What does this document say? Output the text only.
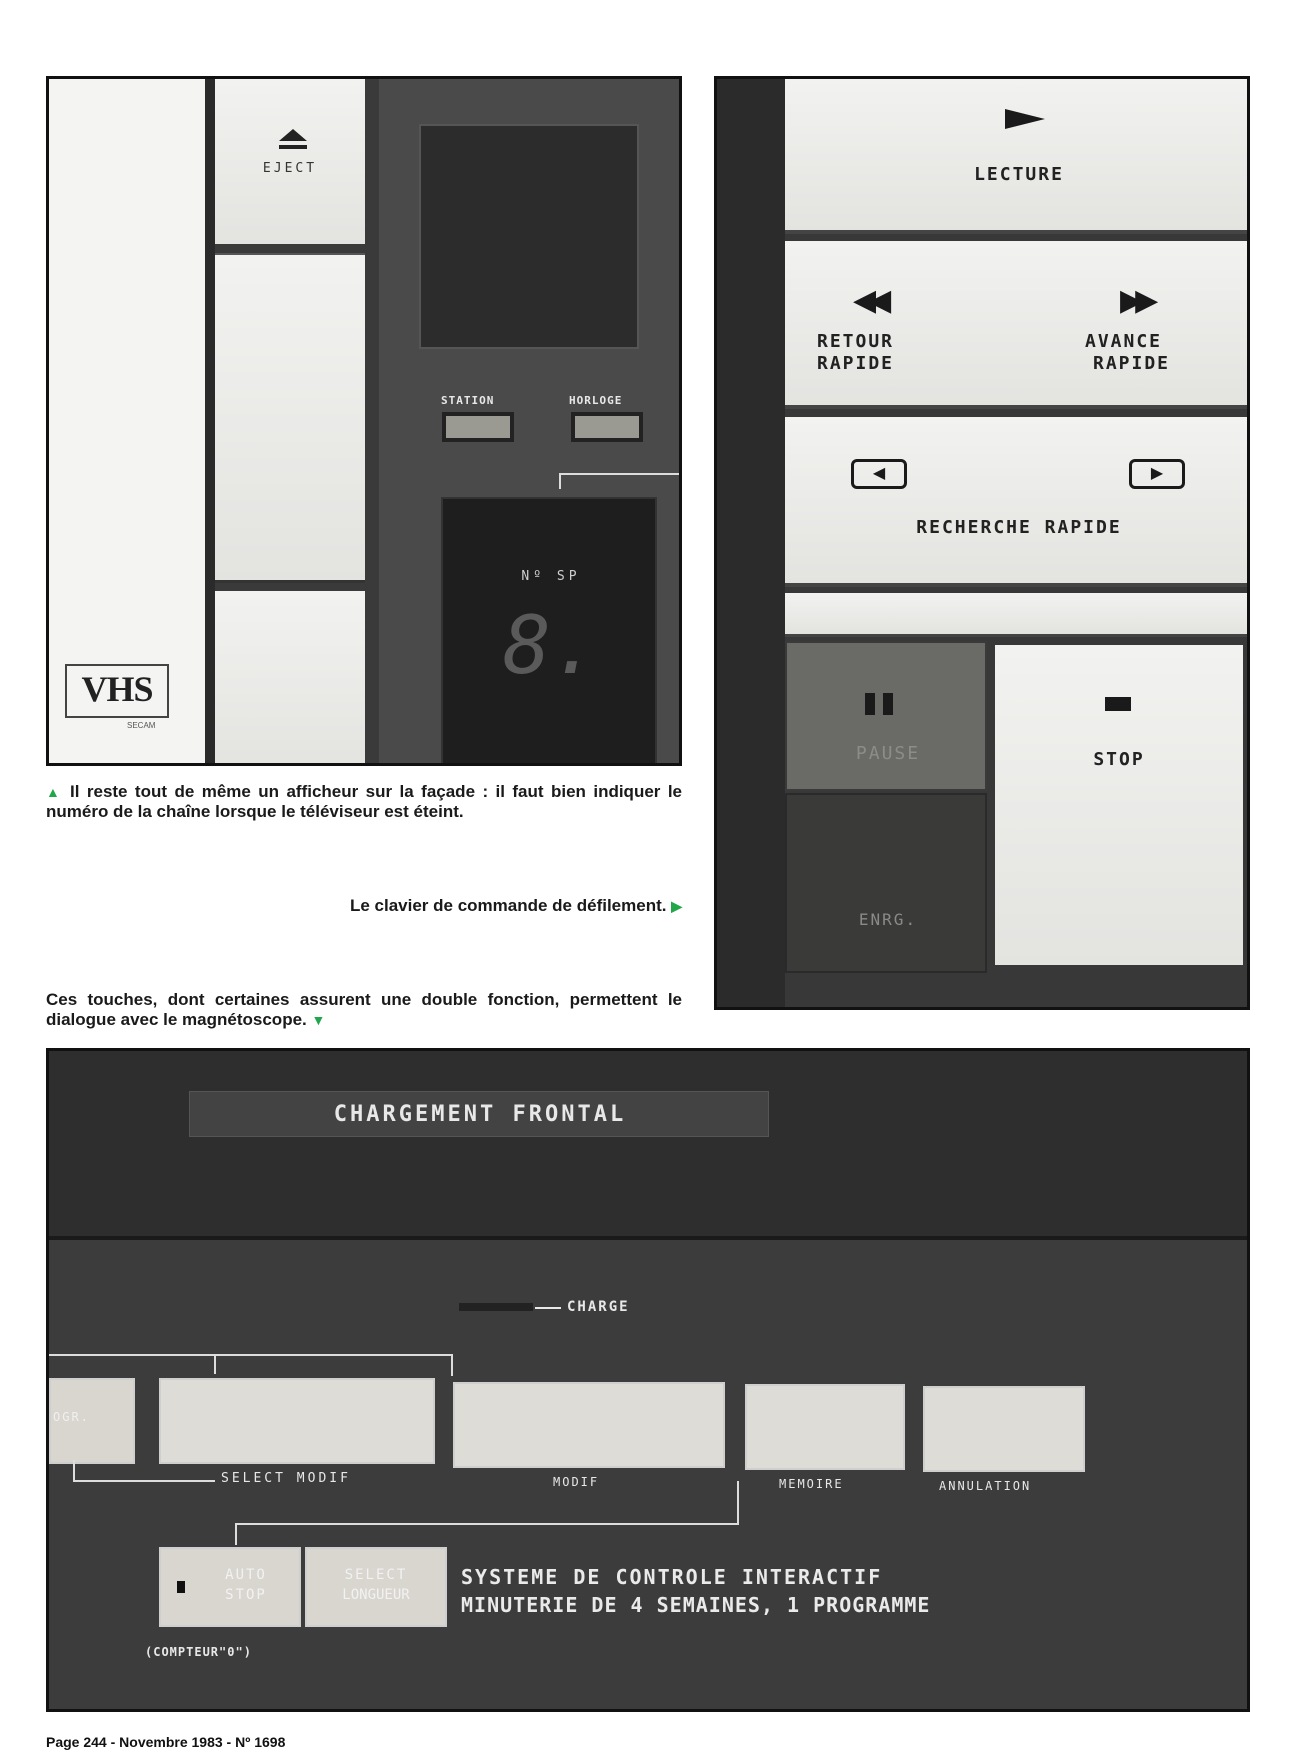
EJECT
STATION	HORLOGE
Nº SP
8.
VHS
SECAM
▲ Il reste tout de même un afficheur sur la façade : il faut bien indiquer le numéro de la chaîne lorsque le téléviseur est éteint.
Le clavier de commande de défilement. ▶
Ces touches, dont certaines assurent une double fonction, permettent le dialogue avec le magnétoscope. ▼
LECTURE
◀◀
RETOUR
RAPIDE
▶▶
AVANCE
RAPIDE
◀	▶
RECHERCHE RAPIDE
PAUSE
ENRG.
STOP
CHARGEMENT FRONTAL
CHARGE
OGR.
SELECT MODIF	MODIF	MEMOIRE	ANNULATION
AUTO
STOP
SELECT
LONGUEUR
(COMPTEUR"0")
SYSTEME DE CONTROLE INTERACTIF
MINUTERIE DE 4 SEMAINES, 1 PROGRAMME
Page 244 - Novembre 1983 - Nº 1698
